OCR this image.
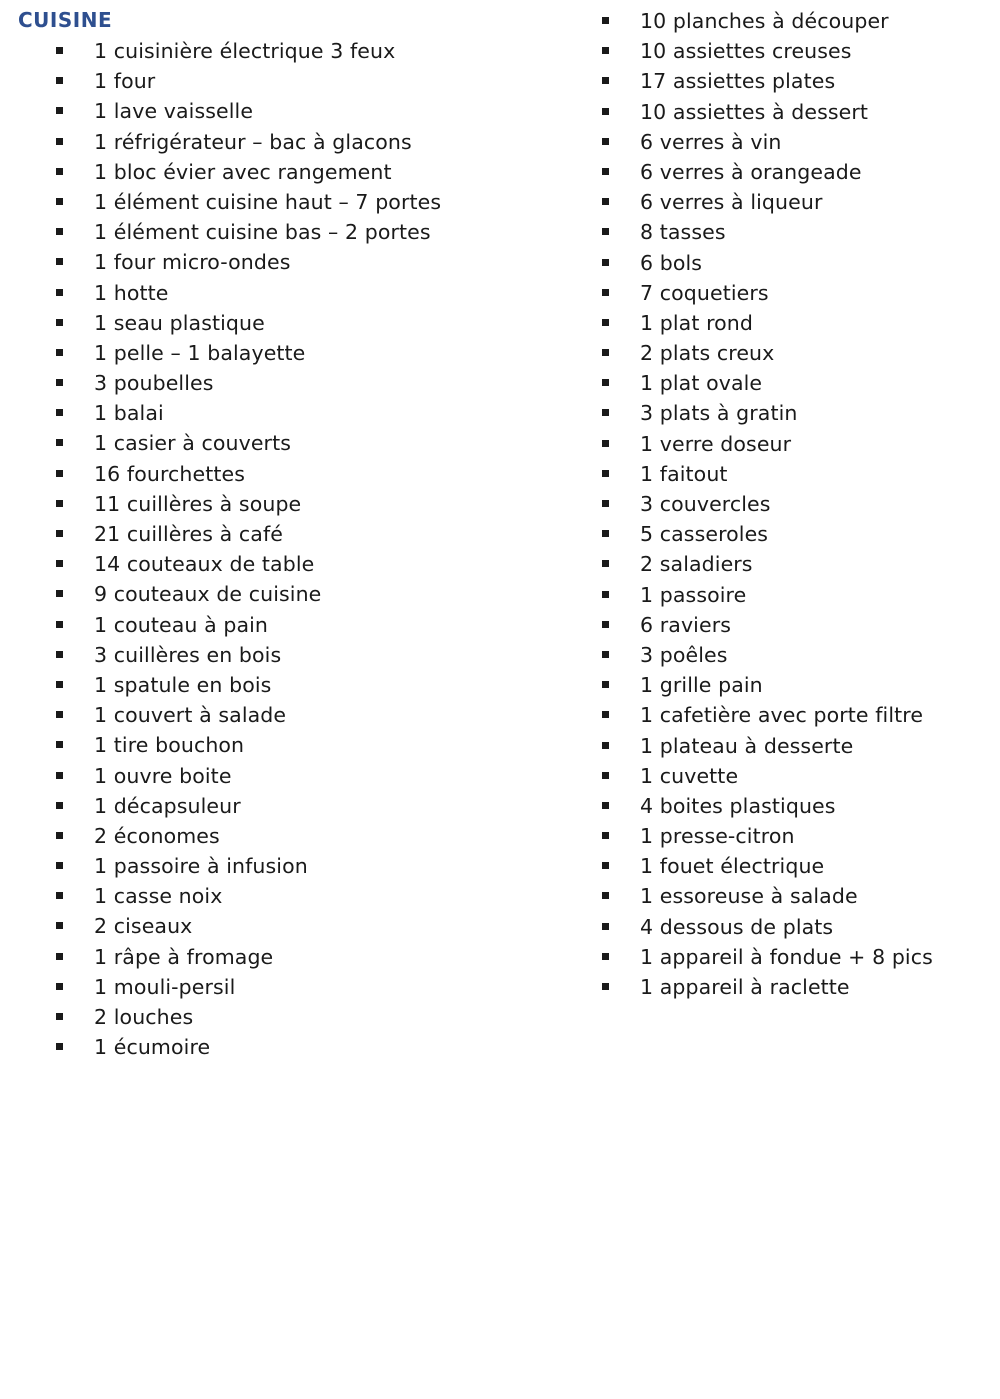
CUISINE
1 cuisinière électrique 3 feux
1 four
1 lave vaisselle
1 réfrigérateur – bac à glacons
1 bloc évier avec rangement
1 élément cuisine haut – 7 portes
1 élément cuisine bas – 2 portes
1 four micro-ondes
1 hotte
1 seau plastique
1 pelle – 1 balayette
3 poubelles
1 balai
1 casier à couverts
16 fourchettes
11 cuillères à soupe
21 cuillères à café
14 couteaux de table
9 couteaux de cuisine
1 couteau à pain
3 cuillères en bois
1 spatule en bois
1 couvert à salade
1 tire bouchon
1 ouvre boite
1 décapsuleur
2 économes
1 passoire à infusion
1 casse noix
2 ciseaux
1 râpe à fromage
1 mouli-persil
2 louches
1 écumoire
10 planches à découper
10 assiettes creuses
17 assiettes plates
10 assiettes à dessert
6 verres à vin
6 verres à orangeade
6 verres à liqueur
8 tasses
6 bols
7 coquetiers
1 plat rond
2 plats creux
1 plat ovale
3 plats à gratin
1 verre doseur
1 faitout
3 couvercles
5 casseroles
2 saladiers
1 passoire
6 raviers
3 poêles
1 grille pain
1 cafetière avec porte filtre
1 plateau à desserte
1 cuvette
4 boites plastiques
1 presse-citron
1 fouet électrique
1 essoreuse à salade
4 dessous de plats
1 appareil à fondue + 8 pics
1 appareil à raclette
